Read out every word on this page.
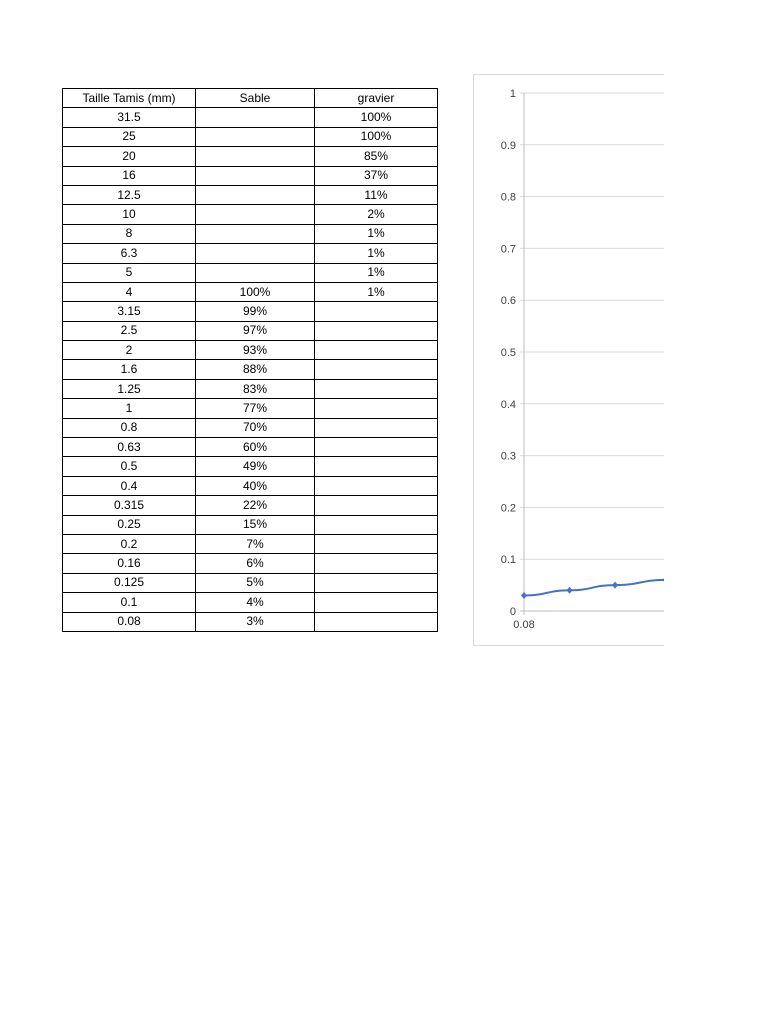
Taille Tamis (mm)	Sable	gravier
31.5		100%
25		100%
20		85%
16		37%
12.5		11%
10		2%
8		1%
6.3		1%
5		1%
4	100%	1%
3.15	99%	
2.5	97%	
2	93%	
1.6	88%	
1.25	83%	
1	77%	
0.8	70%	
0.63	60%	
0.5	49%	
0.4	40%	
0.315	22%	
0.25	15%	
0.2	7%	
0.16	6%	
0.125	5%	
0.1	4%	
0.08	3%	
0
0.1
0.2
0.3
0.4
0.5
0.6
0.7
0.8
0.9
1
0.08
